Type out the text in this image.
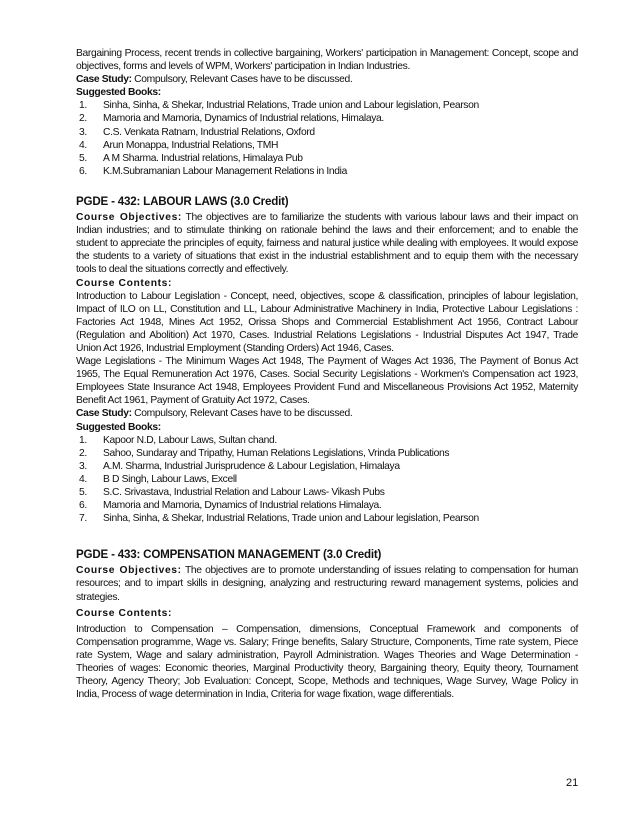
Bargaining Process, recent trends in collective bargaining, Workers' participation in Management: Concept, scope and objectives, forms and levels of WPM, Workers' participation in Indian Industries.

Case Study: Compulsory, Relevant Cases have to be discussed.

Suggested Books:

1.	Sinha, Sinha, & Shekar, Industrial Relations, Trade union and Labour legislation, Pearson
2.	Mamoria and Mamoria, Dynamics of Industrial relations, Himalaya.
3.	C.S. Venkata Ratnam, Industrial Relations, Oxford
4.	Arun Monappa, Industrial Relations, TMH
5.	A M Sharma. Industrial relations, Himalaya Pub
6.	K.M.Subramanian Labour Management Relations in India

PGDE - 432: LABOUR LAWS (3.0 Credit)

Course Objectives: The objectives are to familiarize the students with various labour laws and their impact on Indian industries; and to stimulate thinking on rationale behind the laws and their enforcement; and to enable the student to appreciate the principles of equity, fairness and natural justice while dealing with employees. It would expose the students to a variety of situations that exist in the industrial establishment and to equip them with the necessary tools to deal the situations correctly and effectively.

Course Contents:

Introduction to Labour Legislation - Concept, need, objectives, scope & classification, principles of labour legislation, Impact of ILO on LL, Constitution and LL, Labour Administrative Machinery in India, Protective Labour Legislations : Factories Act 1948, Mines Act 1952, Orissa Shops and Commercial Establishment Act 1956, Contract Labour (Regulation and Abolition) Act 1970, Cases. Industrial Relations Legislations - Industrial Disputes Act 1947, Trade Union Act 1926, Industrial Employment (Standing Orders) Act 1946, Cases.

Wage Legislations - The Minimum Wages Act 1948, The Payment of Wages Act 1936, The Payment of Bonus Act 1965, The Equal Remuneration Act 1976, Cases. Social Security Legislations - Workmen's Compensation act 1923, Employees State Insurance Act 1948, Employees Provident Fund and Miscellaneous Provisions Act 1952, Maternity Benefit Act 1961, Payment of Gratuity Act 1972, Cases.

Case Study: Compulsory, Relevant Cases have to be discussed.

Suggested Books:

1.	Kapoor N.D, Labour Laws, Sultan chand.
2.	Sahoo, Sundaray and Tripathy, Human Relations Legislations, Vrinda Publications
3.	A.M. Sharma, Industrial Jurisprudence & Labour Legislation, Himalaya
4.	B D Singh, Labour Laws, Excell
5.	S.C. Srivastava, Industrial Relation and Labour Laws- Vikash Pubs
6.	Mamoria and Mamoria, Dynamics of Industrial relations Himalaya.
7.	Sinha, Sinha, & Shekar, Industrial Relations, Trade union and Labour legislation, Pearson

PGDE - 433: COMPENSATION MANAGEMENT (3.0 Credit)

Course Objectives: The objectives are to promote understanding of issues relating to compensation for human resources; and to impart skills in designing, analyzing and restructuring reward management systems, policies and strategies.

Course Contents:

Introduction to Compensation – Compensation, dimensions, Conceptual Framework and components of Compensation programme, Wage vs. Salary; Fringe benefits, Salary Structure, Components, Time rate system, Piece rate System, Wage and salary administration, Payroll Administration. Wages Theories and Wage Determination - Theories of wages: Economic theories, Marginal Productivity theory, Bargaining theory, Equity theory, Tournament Theory, Agency Theory; Job Evaluation: Concept, Scope, Methods and techniques, Wage Survey, Wage Policy in India, Process of wage determination in India, Criteria for wage fixation, wage differentials.

21
